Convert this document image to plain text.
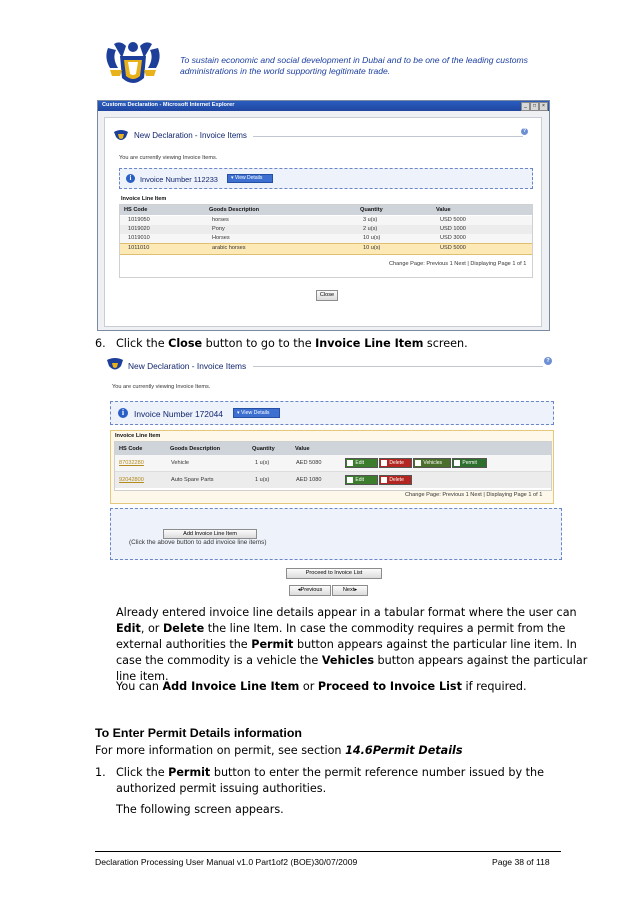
To sustain economic and social development in Dubai and to be one of the leading customs administrations in the world supporting legitimate trade.
Customs Declaration - Microsoft Internet Explorer	_	□	×
New Declaration - Invoice Items	?
You are currently viewing Invoice Items.
i	Invoice Number 112233	▾ View Details
Invoice Line Item
HS Code	Goods Description	Quantity	Value
1019050	horses	3 u(s)	USD 5000
1019020	Pony	2 u(s)	USD 1000
1019010	Horses	10 u(s)	USD 3000
1011010	arabic horses	10 u(s)	USD 5000
Change Page: Previous 1 Next | Displaying Page 1 of 1
Close
6. Click the Close button to go to the Invoice Line Item screen.
New Declaration - Invoice Items	?
You are currently viewing Invoice Items.
i	Invoice Number 172044	▾ View Details
Invoice Line Item
HS Code	Goods Description	Quantity	Value
87032280	Vehicle	1 u(s)	AED 5080	Edit	Delete	Vehicles	Permit
92042800	Auto Spare Parts	1 u(s)	AED 1080	Edit	Delete
Change Page: Previous 1 Next | Displaying Page 1 of 1
Add Invoice Line Item
(Click the above button to add invoice line items)
Proceed to Invoice List
◂Previous	Next▸
Already entered invoice line details appear in a tabular format where the user can
Edit, or Delete the line Item. In case the commodity requires a permit from the
external authorities the Permit button appears against the particular line item. In
case the commodity is a vehicle the Vehicles button appears against the particular
line item.
You can Add Invoice Line Item or Proceed to Invoice List if required.
To Enter Permit Details information
For more information on permit, see section 14.6Permit Details
1. Click the Permit button to enter the permit reference number issued by the
authorized permit issuing authorities.
The following screen appears.
Declaration Processing User Manual v1.0 Part1of2 (BOE)30/07/2009	Page 38 of 118
